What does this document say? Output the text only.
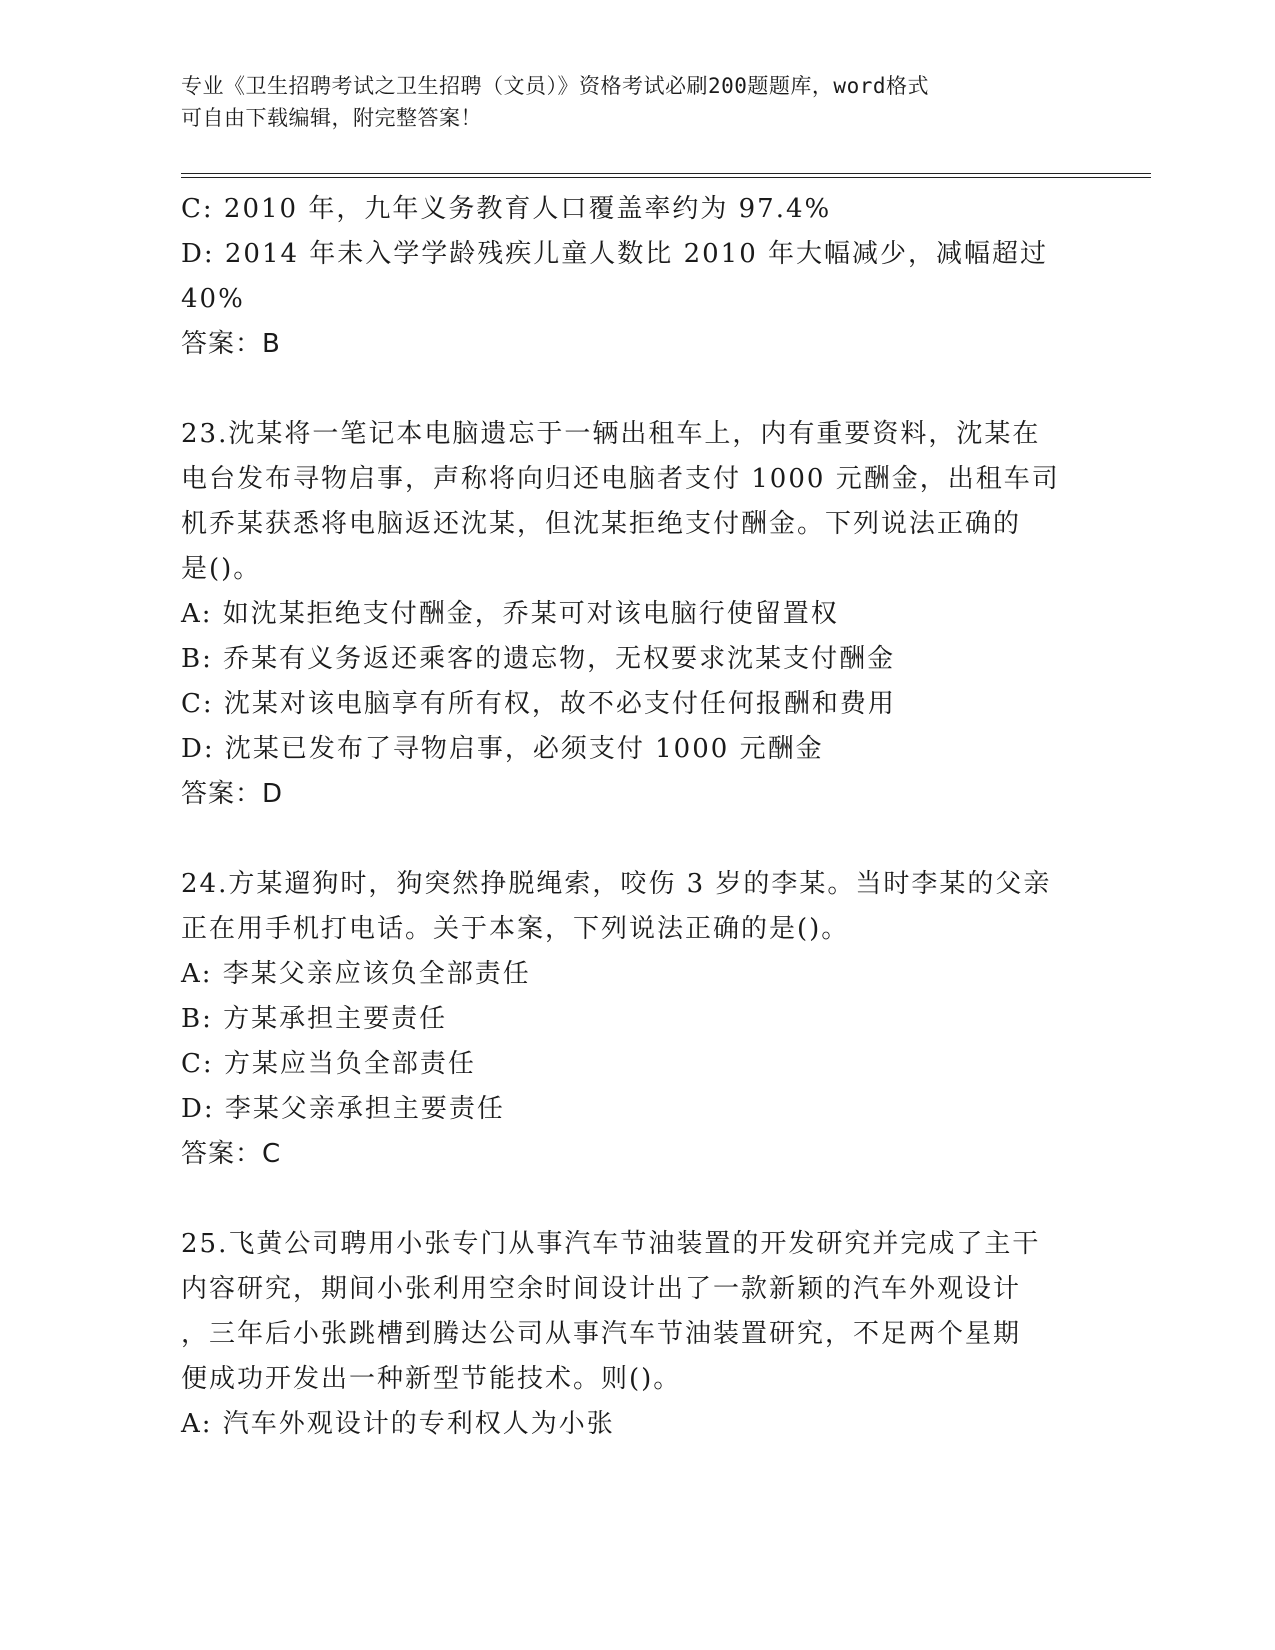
专业《卫生招聘考试之卫生招聘（文员）》资格考试必刷200题题库，word格式
可自由下载编辑，附完整答案！
C: 2010 年，九年义务教育人口覆盖率约为 97.4%
D: 2014 年未入学学龄残疾儿童人数比 2010 年大幅减少，减幅超过
40%
答案：B
23.沈某将一笔记本电脑遗忘于一辆出租车上，内有重要资料，沈某在
电台发布寻物启事，声称将向归还电脑者支付 1000 元酬金，出租车司
机乔某获悉将电脑返还沈某，但沈某拒绝支付酬金。下列说法正确的
是()。
A: 如沈某拒绝支付酬金，乔某可对该电脑行使留置权
B: 乔某有义务返还乘客的遗忘物，无权要求沈某支付酬金
C: 沈某对该电脑享有所有权，故不必支付任何报酬和费用
D: 沈某已发布了寻物启事，必须支付 1000 元酬金
答案：D
24.方某遛狗时，狗突然挣脱绳索，咬伤 3 岁的李某。当时李某的父亲
正在用手机打电话。关于本案，下列说法正确的是()。
A: 李某父亲应该负全部责任
B: 方某承担主要责任
C: 方某应当负全部责任
D: 李某父亲承担主要责任
答案：C
25.飞黄公司聘用小张专门从事汽车节油装置的开发研究并完成了主干
内容研究，期间小张利用空余时间设计出了一款新颖的汽车外观设计
，三年后小张跳槽到腾达公司从事汽车节油装置研究，不足两个星期
便成功开发出一种新型节能技术。则()。
A: 汽车外观设计的专利权人为小张
